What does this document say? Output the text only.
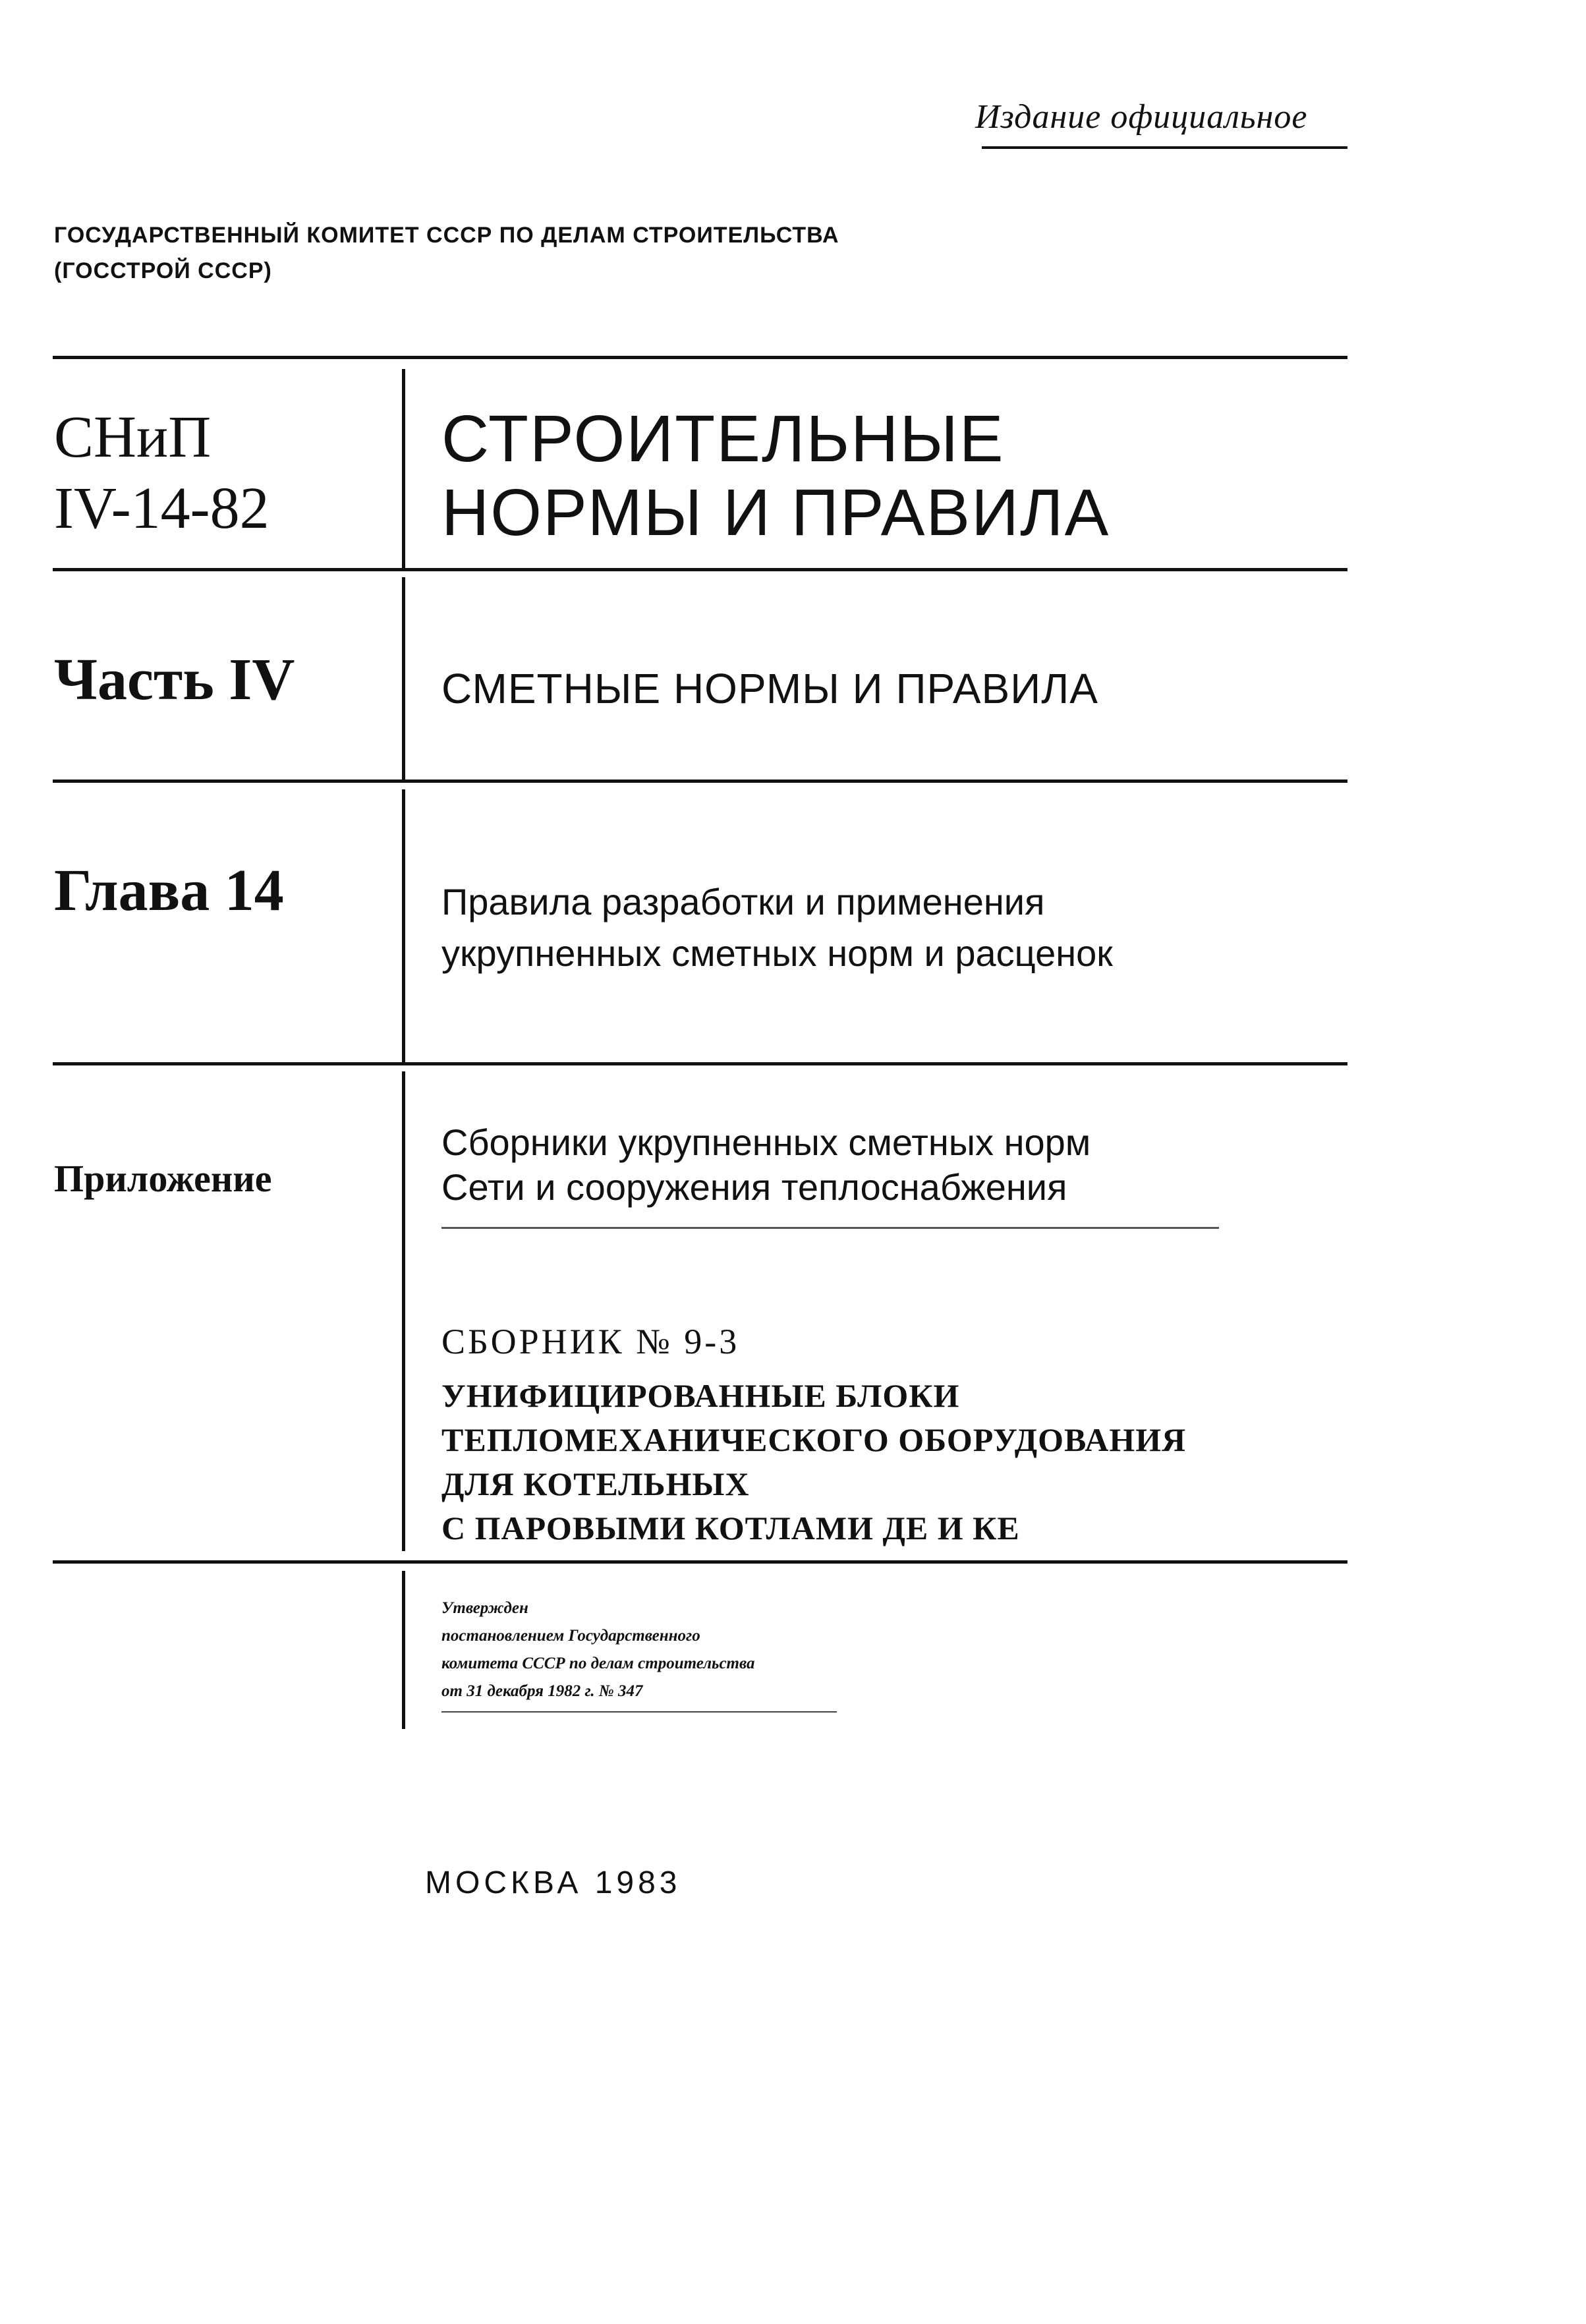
Издание официальное
ГОСУДАРСТВЕННЫЙ КОМИТЕТ СССР ПО ДЕЛАМ СТРОИТЕЛЬСТВА
(ГОССТРОЙ СССР)
СНиП
IV-14-82
СТРОИТЕЛЬНЫЕ
НОРМЫ И ПРАВИЛА
Часть IV	СМЕТНЫЕ НОРМЫ И ПРАВИЛА
Глава 14	Правила разработки и применения
укрупненных сметных норм и расценок
Приложение
Сборники укрупненных сметных норм
Сети и сооружения теплоснабжения
СБОРНИК № 9-3
УНИФИЦИРОВАННЫЕ БЛОКИ
ТЕПЛОМЕХАНИЧЕСКОГО ОБОРУДОВАНИЯ
ДЛЯ КОТЕЛЬНЫХ
С ПАРОВЫМИ КОТЛАМИ ДЕ И КЕ
Утвержден
постановлением Государственного
комитета СССР по делам строительства
от 31 декабря 1982 г. № 347
МОСКВА 1983
